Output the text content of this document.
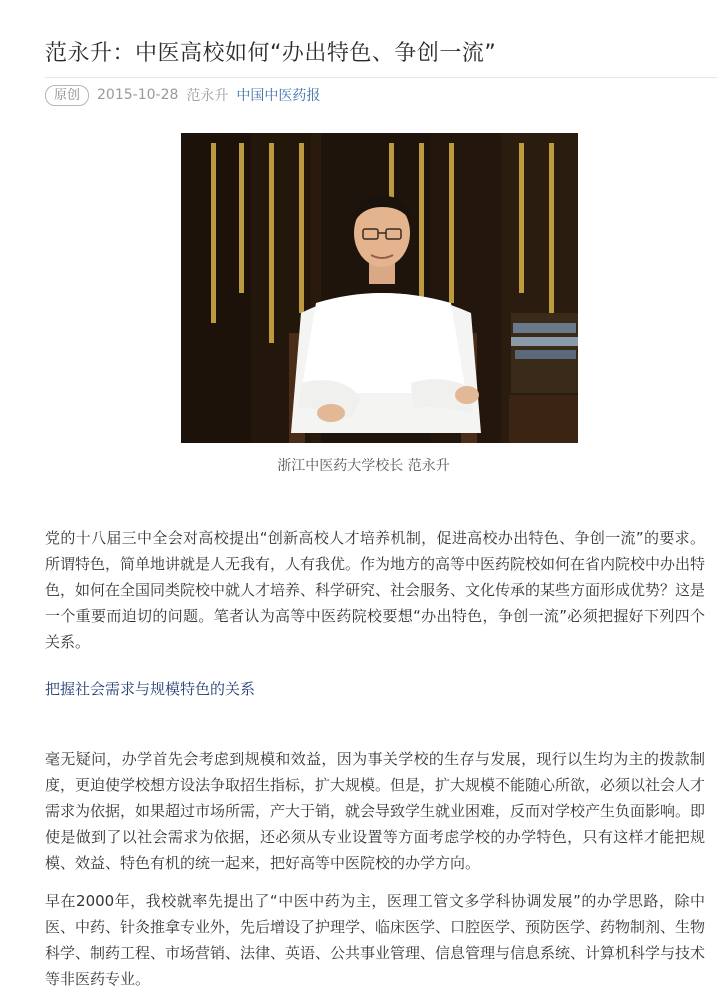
范永升：中医高校如何“办出特色、争创一流”
原创	2015-10-28 范永升 中国中医药报
浙江中医药大学校长 范永升

党的十八届三中全会对高校提出“创新高校人才培养机制，促进高校办出特色、争创一流”的要求。所谓特色，简单地讲就是人无我有，人有我优。作为地方的高等中医药院校如何在省内院校中办出特色，如何在全国同类院校中就人才培养、科学研究、社会服务、文化传承的某些方面形成优势？这是一个重要而迫切的问题。笔者认为高等中医药院校要想“办出特色，争创一流”必须把握好下列四个关系。

把握社会需求与规模特色的关系

毫无疑问，办学首先会考虑到规模和效益，因为事关学校的生存与发展，现行以生均为主的拨款制度，更迫使学校想方设法争取招生指标，扩大规模。但是，扩大规模不能随心所欲，必须以社会人才需求为依据，如果超过市场所需，产大于销，就会导致学生就业困难，反而对学校产生负面影响。即使是做到了以社会需求为依据，还必须从专业设置等方面考虑学校的办学特色，只有这样才能把规模、效益、特色有机的统一起来，把好高等中医院校的办学方向。

早在2000年，我校就率先提出了“中医中药为主，医理工管文多学科协调发展”的办学思路，除中医、中药、针灸推拿专业外，先后增设了护理学、临床医学、口腔医学、预防医学、药物制剂、生物科学、制药工程、市场营销、法律、英语、公共事业管理、信息管理与信息系统、计算机科学与技术等非医药专业。
